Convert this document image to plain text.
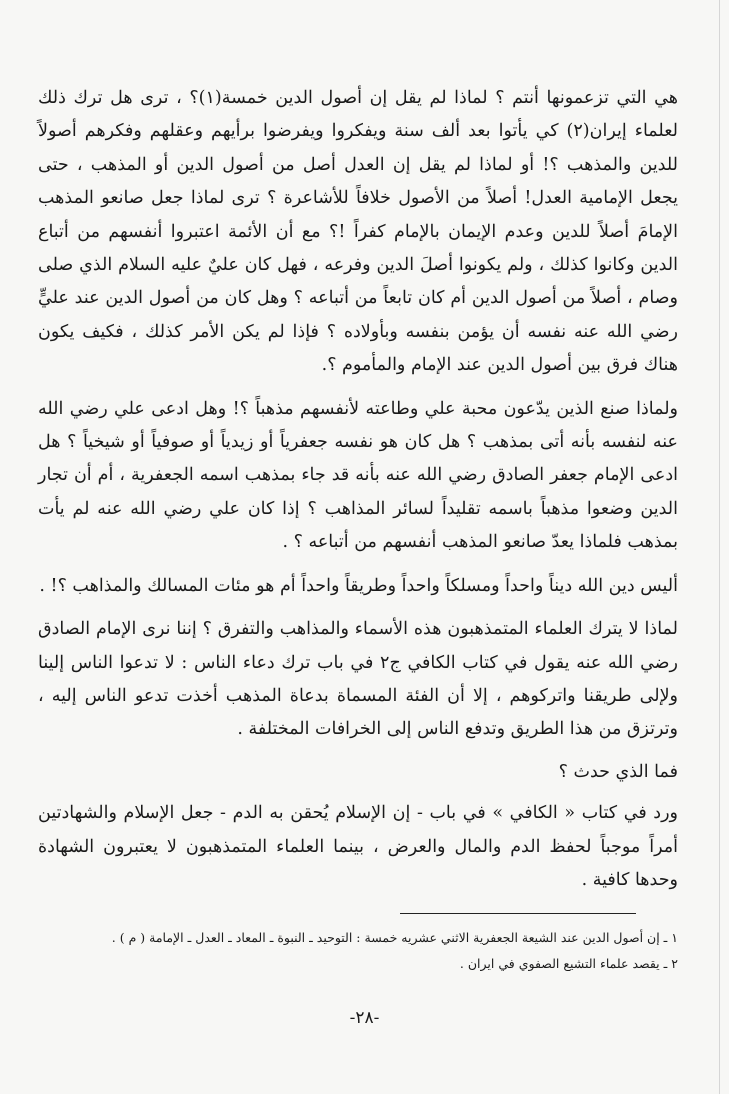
هي التي تزعمونها أنتم ؟ لماذا لم يقل إن أصول الدين خمسة(١)؟ ، ترى هل ترك ذلك لعلماء إيران(٢) كي يأتوا بعد ألف سنة ويفكروا ويفرضوا برأيهم وعقلهم وفكرهم أصولاً للدين والمذهب ؟! أو لماذا لم يقل إن العدل أصل من أصول الدين أو المذهب ، حتى يجعل الإمامية العدل! أصلاً من الأصول خلافاً للأشاعرة ؟ ترى لماذا جعل صانعو المذهب الإمامَ أصلاً للدين وعدم الإيمان بالإمام كفراً !؟ مع أن الأئمة اعتبروا أنفسهم من أتباع الدين وكانوا كذلك ، ولم يكونوا أصلَ الدين وفرعه ، فهل كان عليٌ عليه السلام الذي صلى وصام ، أصلاً من أصول الدين أم كان تابعاً من أتباعه ؟ وهل كان من أصول الدين عند عليٍّ رضي الله عنه نفسه أن يؤمن بنفسه وبأولاده ؟ فإذا لم يكن الأمر كذلك ، فكيف يكون هناك فرق بين أصول الدين عند الإمام والمأموم ؟.

ولماذا صنع الذين يدّعون محبة علي وطاعته لأنفسهم مذهباً ؟! وهل ادعى علي رضي الله عنه لنفسه بأنه أتى بمذهب ؟ هل كان هو نفسه جعفرياً أو زيدياً أو صوفياً أو شيخياً ؟ هل ادعى الإمام جعفر الصادق رضي الله عنه بأنه قد جاء بمذهب اسمه الجعفرية ، أم أن تجار الدين وضعوا مذهباً باسمه تقليداً لسائر المذاهب ؟ إذا كان علي رضي الله عنه لم يأت بمذهب فلماذا يعدّ صانعو المذهب أنفسهم من أتباعه ؟ .

أليس دين الله ديناً واحداً ومسلكاً واحداً وطريقاً واحداً أم هو مئات المسالك والمذاهب ؟! .

لماذا لا يترك العلماء المتمذهبون هذه الأسماء والمذاهب والتفرق ؟ إننا نرى الإمام الصادق رضي الله عنه يقول في كتاب الكافي ج٢ في باب ترك دعاء الناس : لا تدعوا الناس إلينا ولإلى طريقنا واتركوهم ، إلا أن الفئة المسماة بدعاة المذهب أخذت تدعو الناس إليه ، وترتزق من هذا الطريق وتدفع الناس إلى الخرافات المختلفة .

فما الذي حدث ؟

ورد في كتاب « الكافي » في باب - إن الإسلام يُحقن به الدم - جعل الإسلام والشهادتين أمراً موجباً لحفظ الدم والمال والعرض ، بينما العلماء المتمذهبون لا يعتبرون الشهادة وحدها كافية .

١ ـ إن أصول الدين عند الشيعة الجعفرية الاثني عشريه خمسة : التوحيد ـ النبوة ـ المعاد ـ العدل ـ الإمامة ( م ) .

٢ ـ يقصد علماء التشيع الصفوي في ايران .

-٢٨-
